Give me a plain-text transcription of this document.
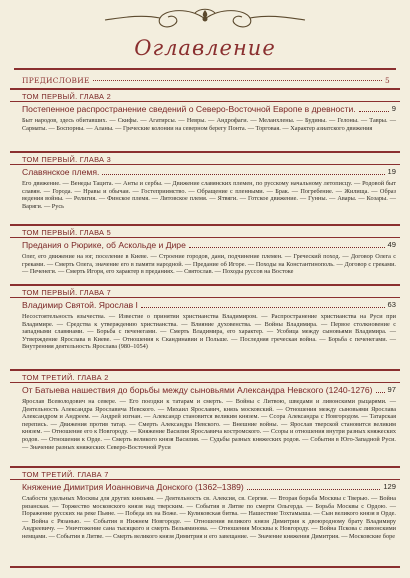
Оглавление
ПРЕДИСЛОВИЕ	5
ТОМ ПЕРВЫЙ. ГЛАВА 2
Постепенное распространение сведений о Северо-Восточной Европе в древности.	9
Быт народов, здесь обитавших. — Скифы. — Агатирсы. — Невры. — Андрофаги. — Меланхлены. — Будины. — Гелоны. — Тавры. — Сарматы. — Боспорны. — Аланы. — Греческие колонии на северном берегу Понта. — Торговая. — Характер азиатского движения
ТОМ ПЕРВЫЙ. ГЛАВА 3
Славянское племя.	19
Его движение. — Венеды Тацита. — Анты и сербы. — Движение славянских племен, по русскому начальному летописцу. — Родовой быт славян. — Города. — Нравы и обычаи. — Гостеприимство. — Обращение с пленными. — Брак. — Погребение. — Жилища. — Образ ведения войны. — Религия. — Финское племя. — Литовское племя. — Ятвяги. — Готское движение. — Гунны. — Авары. — Козары. — Варяги. — Русь
ТОМ ПЕРВЫЙ. ГЛАВА 5
Предания о Рюрике, об Аскольде и Дире	49
Олег, его движение на юг, поселение в Киеве. — Строение городов, дани, подчинение племен. — Греческий поход. — Договор Олега с греками. — Смерть Олега, значение его в памяти народной. — Предание об Игоре. — Походы на Константинополь. — Договор с греками. — Печенеги. — Смерть Игоря, его характер в преданиях. — Святослав. — Походы руссов на Востоке
ТОМ ПЕРВЫЙ. ГЛАВА 7
Владимир Святой. Ярослав I	63
Несостоятельность язычества. — Известие о принятии христианства Владимиром. — Распространение христианства на Руси при Владимире. — Средства к утверждению христианства. — Влияние духовенства. — Войны Владимира. — Первое столкновение с западными славянами. — Борьба с печенегами. — Смерть Владимира, его характер. — Усобица между сыновьями Владимира. — Утверждение Ярослава в Киеве. — Отношения к Скандинавии и Польше. — Последняя греческая война. — Борьба с печенегами. — Внутренняя деятельность Ярослава (980–1054)
ТОМ ТРЕТИЙ. ГЛАВА 2
От Батыева нашествия до борьбы между сыновьями Александра Невского (1240-1276) 97
Ярослав Всеволодович на севере. — Его поездки к татарам и смерть. — Войны с Литвою, шведами и ливонскими рыцарями. — Деятельность Александра Ярославича Невского. — Михаил Ярославич, князь московский. — Отношения между сыновьями Ярослава Александром и Андреем. — Андрей изгнан. — Александр становится великим князем. — Ссора Александра с Новгородом. — Татарская перепись. — Движения против татар. — Смерть Александра Невского. — Внешние войны. — Ярослав тверской становится великим князем. — Отношение его к Новгороду. — Княжение Василия Ярославича костромского. — Ссоры и отношения внутри разных княжеских родов. — Отношения к Орде. — Смерть великого князя Василия. — Судьбы разных княжеских родов. — События в Юго-Западной Руси. — Значение разных княжеских Северо-Восточной Руси
ТОМ ТРЕТИЙ. ГЛАВА 7
Княжение Димитрия Иоанновича Донского (1362–1389)	129
Слабости удельных Москвы для других князьям. — Деятельность св. Алексия, св. Сергия. — Вторая борьба Москвы с Тверью. — Война рязанская. — Торжество московского князя над тверским. — События в Литве по смерти Ольгерда. — Борьба Москвы с Ордою. — Поражение русских на реке Пьяне. — Победа их на Воже. — Куликовская битва. — Нашествие Тохтамыша. — Сын великого князя в Орде. — Война с Рязанью. — События в Нижнем Новгороде. — Отношения великого князя Димитрия к двоюродному брату Владимиру Андреевичу. — Уничтожение сана тысяцкого и смерть Вельяминова. — Отношения Москвы к Новгороду. — Война Пскова с ливонскими немцами. — События в Литве. — Смерть великого князя Димитрия и его завещание. — Значение княжения Димитрия. — Московские боре
